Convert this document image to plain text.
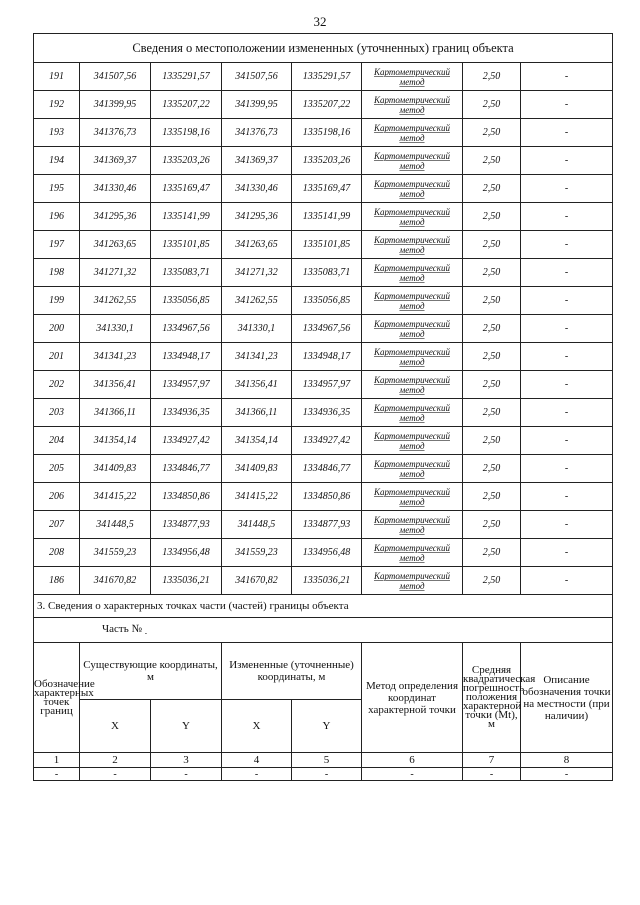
32
Сведения о местоположении измененных (уточненных) границ объекта							
191	341507,56	1335291,57	341507,56	1335291,57	Картометрический
метод	2,50	-
192	341399,95	1335207,22	341399,95	1335207,22	Картометрический
метод	2,50	-
193	341376,73	1335198,16	341376,73	1335198,16	Картометрический
метод	2,50	-
194	341369,37	1335203,26	341369,37	1335203,26	Картометрический
метод	2,50	-
195	341330,46	1335169,47	341330,46	1335169,47	Картометрический
метод	2,50	-
196	341295,36	1335141,99	341295,36	1335141,99	Картометрический
метод	2,50	-
197	341263,65	1335101,85	341263,65	1335101,85	Картометрический
метод	2,50	-
198	341271,32	1335083,71	341271,32	1335083,71	Картометрический
метод	2,50	-
199	341262,55	1335056,85	341262,55	1335056,85	Картометрический
метод	2,50	-
200	341330,1	1334967,56	341330,1	1334967,56	Картометрический
метод	2,50	-
201	341341,23	1334948,17	341341,23	1334948,17	Картометрический
метод	2,50	-
202	341356,41	1334957,97	341356,41	1334957,97	Картометрический
метод	2,50	-
203	341366,11	1334936,35	341366,11	1334936,35	Картометрический
метод	2,50	-
204	341354,14	1334927,42	341354,14	1334927,42	Картометрический
метод	2,50	-
205	341409,83	1334846,77	341409,83	1334846,77	Картометрический
метод	2,50	-
206	341415,22	1334850,86	341415,22	1334850,86	Картометрический
метод	2,50	-
207	341448,5	1334877,93	341448,5	1334877,93	Картометрический
метод	2,50	-
208	341559,23	1334956,48	341559,23	1334956,48	Картометрический
метод	2,50	-
186	341670,82	1335036,21	341670,82	1335036,21	Картометрический
метод	2,50	-
3. Сведения о характерных точках части (частей) границы объекта							
Часть № $_-$
Обозначение характерных точек границ	Существующие координаты, м		Измененные (уточненные) координаты, м		Метод определения координат характерной точки	Средняя квадратическая погрешность положения характерной точки (Mt), м	Описание обозначения точки на местности (при наличии)
	X	Y	X	Y			
1	2	3	4	5	6	7	8
-	-	-	-	-	-	-	-
